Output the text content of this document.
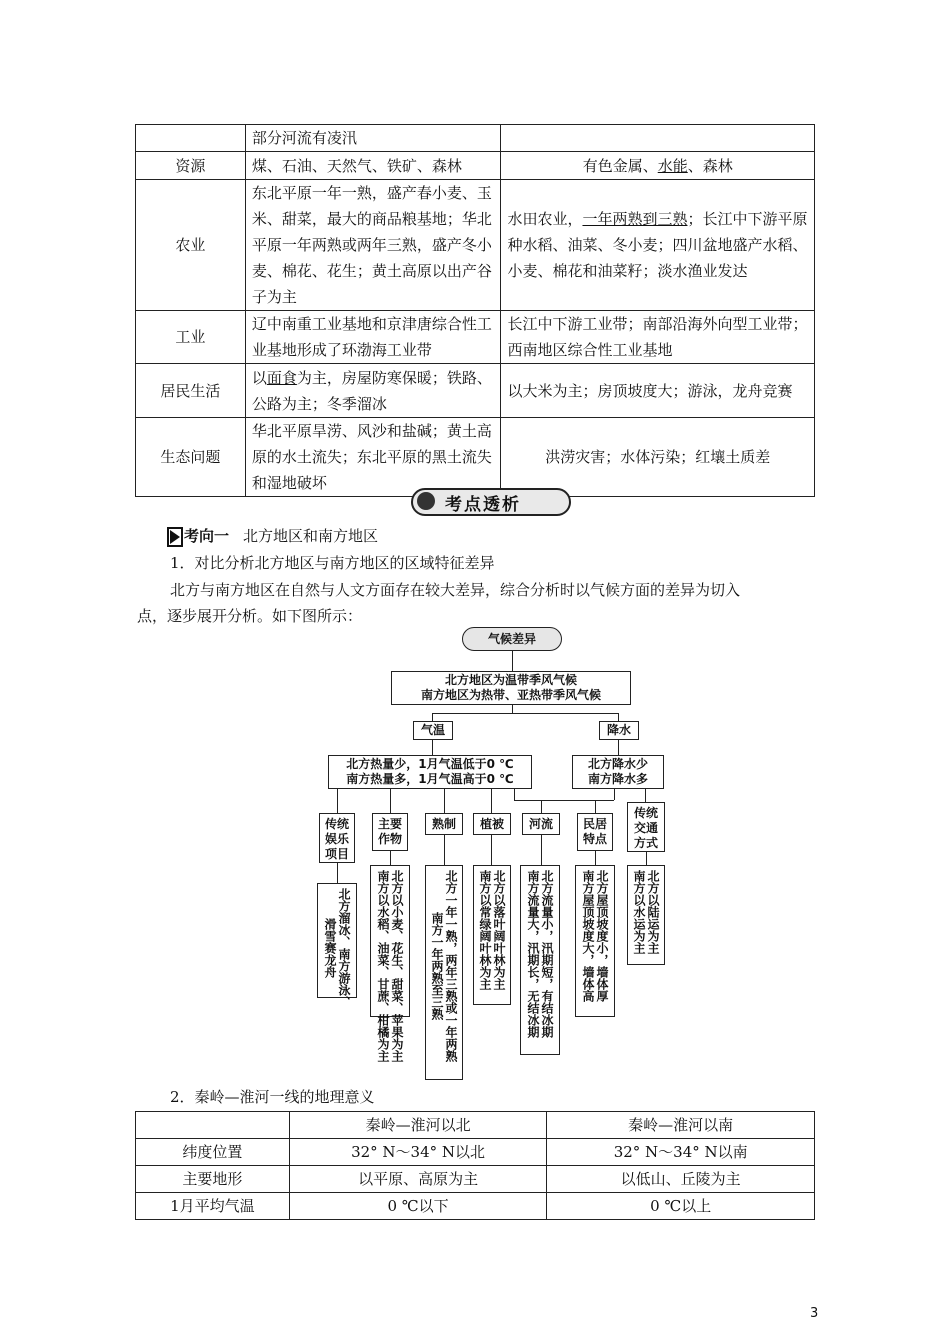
	部分河流有凌汛	
资源	煤、石油、天然气、铁矿、森林	有色金属、水能、森林
农业	东北平原一年一熟，盛产春小麦、玉米、甜菜，最大的商品粮基地；华北平原一年两熟或两年三熟，盛产冬小麦、棉花、花生；黄土高原以出产谷子为主	水田农业，一年两熟到三熟；长江中下游平原种水稻、油菜、冬小麦；四川盆地盛产水稻、小麦、棉花和油菜籽；淡水渔业发达
工业	辽中南重工业基地和京津唐综合性工业基地形成了环渤海工业带	长江中下游工业带；南部沿海外向型工业带；西南地区综合性工业基地
居民生活	以面食为主，房屋防寒保暖；铁路、公路为主；冬季溜冰	以大米为主；房顶坡度大；游泳，龙舟竞赛
生态问题	华北平原旱涝、风沙和盐碱；黄土高原的水土流失；东北平原的黑土流失和湿地破坏	洪涝灾害；水体污染；红壤土质差
考点透析
考向一 北方地区和南方地区
1．对比分析北方地区与南方地区的区域特征差异
北方与南方地区在自然与人文方面存在较大差异，综合分析时以气候方面的差异为切入
点，逐步展开分析。如下图所示：
气候差异
北方地区为温带季风气候
南方地区为热带、亚热带季风气候
气温	降水
北方热量少，1月气温低于0 ℃
南方热量多，1月气温高于0 ℃
北方降水少
南方降水多
传统
娱乐
项目
主要
作物
熟制	植被	河流	民居
特点
传统
交通
方式
北方溜冰、南方游泳、
滑雪赛龙舟	北方以小麦、花生、甜菜、苹果为主
南方以水稻、油菜、甘蔗、柑橘为主	北方一年一熟，两年三熟或一年两熟
南方一年两熟至三熟	北方以落叶阔叶林为主
南方以常绿阔叶林为主	北方流量小，汛期短，有结冰期
南方流量大，汛期长，无结冰期	北方屋顶坡度小，墙体厚
南方屋顶坡度大，墙体高	北方以陆运为主
南方以水运为主
2．秦岭—淮河一线的地理意义
	秦岭—淮河以北	秦岭—淮河以南
纬度位置	32° N～34° N以北	32° N～34° N以南
主要地形	以平原、高原为主	以低山、丘陵为主
1月平均气温	0 ℃以下	0 ℃以上
3
